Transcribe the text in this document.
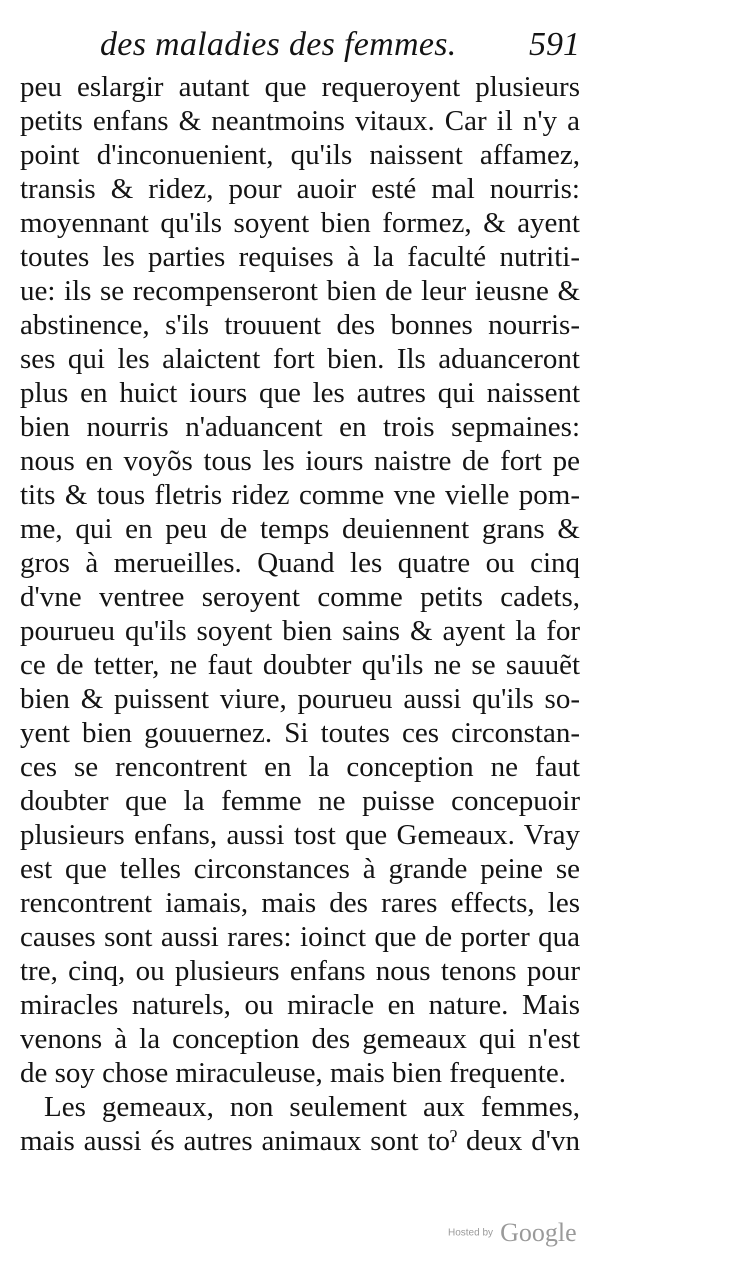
des maladies des femmes. 591
peu eslargir autant que requeroyent plusieurs
petits enfans & neantmoins vitaux. Car il n'y a
point d'inconuenient, qu'ils naissent affamez,
transis & ridez, pour auoir esté mal nourris:
moyennant qu'ils soyent bien formez, & ayent
toutes les parties requises à la faculté nutriti-
ue: ils se recompenseront bien de leur ieusne &
abstinence, s'ils trouuent des bonnes nourris-
ses qui les alaictent fort bien. Ils aduanceront
plus en huict iours que les autres qui naissent
bien nourris n'aduancent en trois sepmaines:
nous en voyõs tous les iours naistre de fort pe
tits & tous fletris ridez comme vne vielle pom-
me, qui en peu de temps deuiennent grans &
gros à merueilles. Quand les quatre ou cinq
d'vne ventree seroyent comme petits cadets,
pourueu qu'ils soyent bien sains & ayent la for
ce de tetter, ne faut doubter qu'ils ne se sauuẽt
bien & puissent viure, pourueu aussi qu'ils so-
yent bien gouuernez. Si toutes ces circonstan-
ces se rencontrent en la conception ne faut
doubter que la femme ne puisse concepuoir
plusieurs enfans, aussi tost que Gemeaux. Vray
est que telles circonstances à grande peine se
rencontrent iamais, mais des rares effects, les
causes sont aussi rares: ioinct que de porter qua
tre, cinq, ou plusieurs enfans nous tenons pour
miracles naturels, ou miracle en nature. Mais
venons à la conception des gemeaux qui n'est
de soy chose miraculeuse, mais bien frequente.
Les gemeaux, non seulement aux femmes,
mais aussi és autres animaux sont toˀ deux d'vn
Hosted by Google
